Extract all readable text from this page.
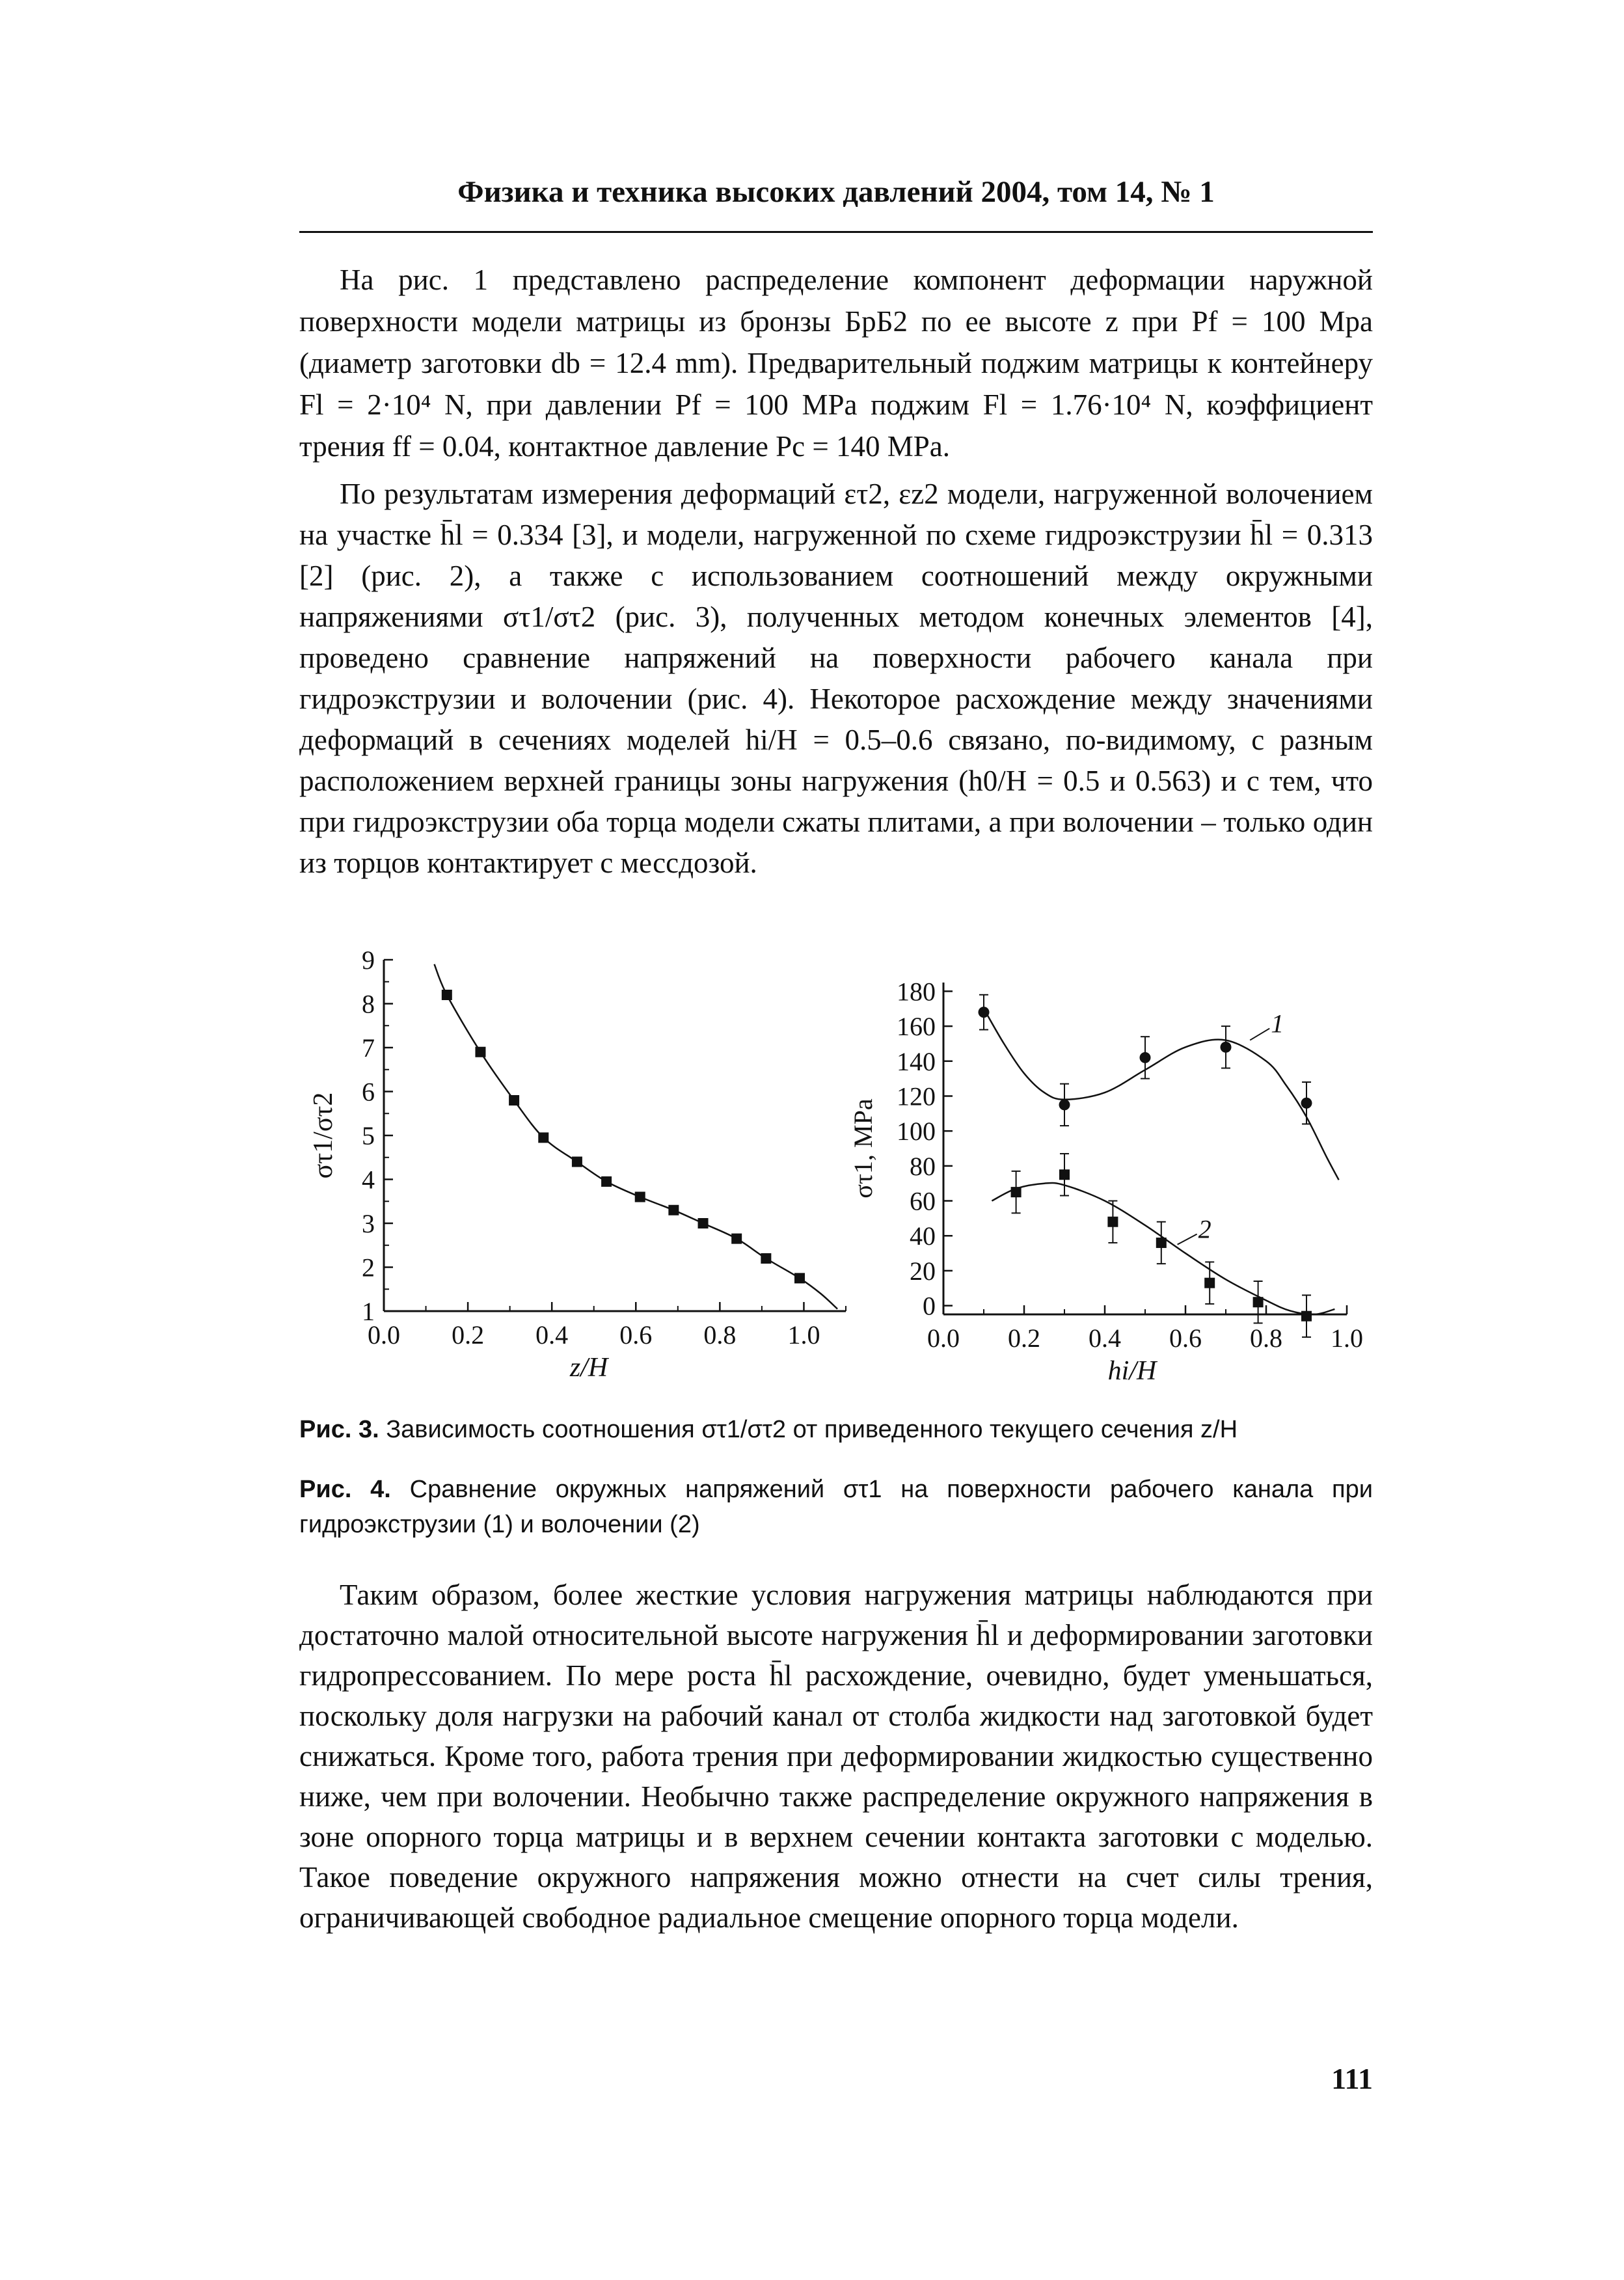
Физика и техника высоких давлений 2004, том 14, № 1

На рис. 1 представлено распределение компонент деформации наружной поверхности модели матрицы из бронзы БрБ2 по ее высоте z при Pf = 100 Mpa (диаметр заготовки db = 12.4 mm). Предварительный поджим матрицы к контейнеру Fl = 2·10⁴ N, при давлении Pf = 100 MPa поджим Fl = 1.76·10⁴ N, коэффициент трения ff = 0.04, контактное давление Pc = 140 MPa.

По результатам измерения деформаций ετ2, εz2 модели, нагруженной волочением на участке h̄l = 0.334 [3], и модели, нагруженной по схеме гидроэкструзии h̄l = 0.313 [2] (рис. 2), а также с использованием соотношений между окружными напряжениями στ1/στ2 (рис. 3), полученных методом конечных элементов [4], проведено сравнение напряжений на поверхности рабочего канала при гидроэкструзии и волочении (рис. 4). Некоторое расхождение между значениями деформаций в сечениях моделей hi/H = 0.5–0.6 связано, по-видимому, с разным расположением верхней границы зоны нагружения (h0/H = 0.5 и 0.563) и с тем, что при гидроэкструзии оба торца модели сжаты плитами, а при волочении – только один из торцов контактирует с мессдозой.

1
2
3
4
5
6
7
8
9
0.0 0.2 0.4 0.6 0.8 1.0
z/H
στ1/στ2
0
20
40
60
80
100
120
140
160
180
0.0 0.2 0.4 0.6 0.8 1.0
hi/H
στ1, MPa
1
2

Рис. 3. Зависимость соотношения στ1/στ2 от приведенного текущего сечения z/H

Рис. 4. Сравнение окружных напряжений στ1 на поверхности рабочего канала при гидроэкструзии (1) и волочении (2)

Таким образом, более жесткие условия нагружения матрицы наблюдаются при достаточно малой относительной высоте нагружения h̄l и деформировании заготовки гидропрессованием. По мере роста h̄l расхождение, очевидно, будет уменьшаться, поскольку доля нагрузки на рабочий канал от столба жидкости над заготовкой будет снижаться. Кроме того, работа трения при деформировании жидкостью существенно ниже, чем при волочении. Необычно также распределение окружного напряжения в зоне опорного торца матрицы и в верхнем сечении контакта заготовки с моделью. Такое поведение окружного напряжения можно отнести на счет силы трения, ограничивающей свободное радиальное смещение опорного торца модели.

111
